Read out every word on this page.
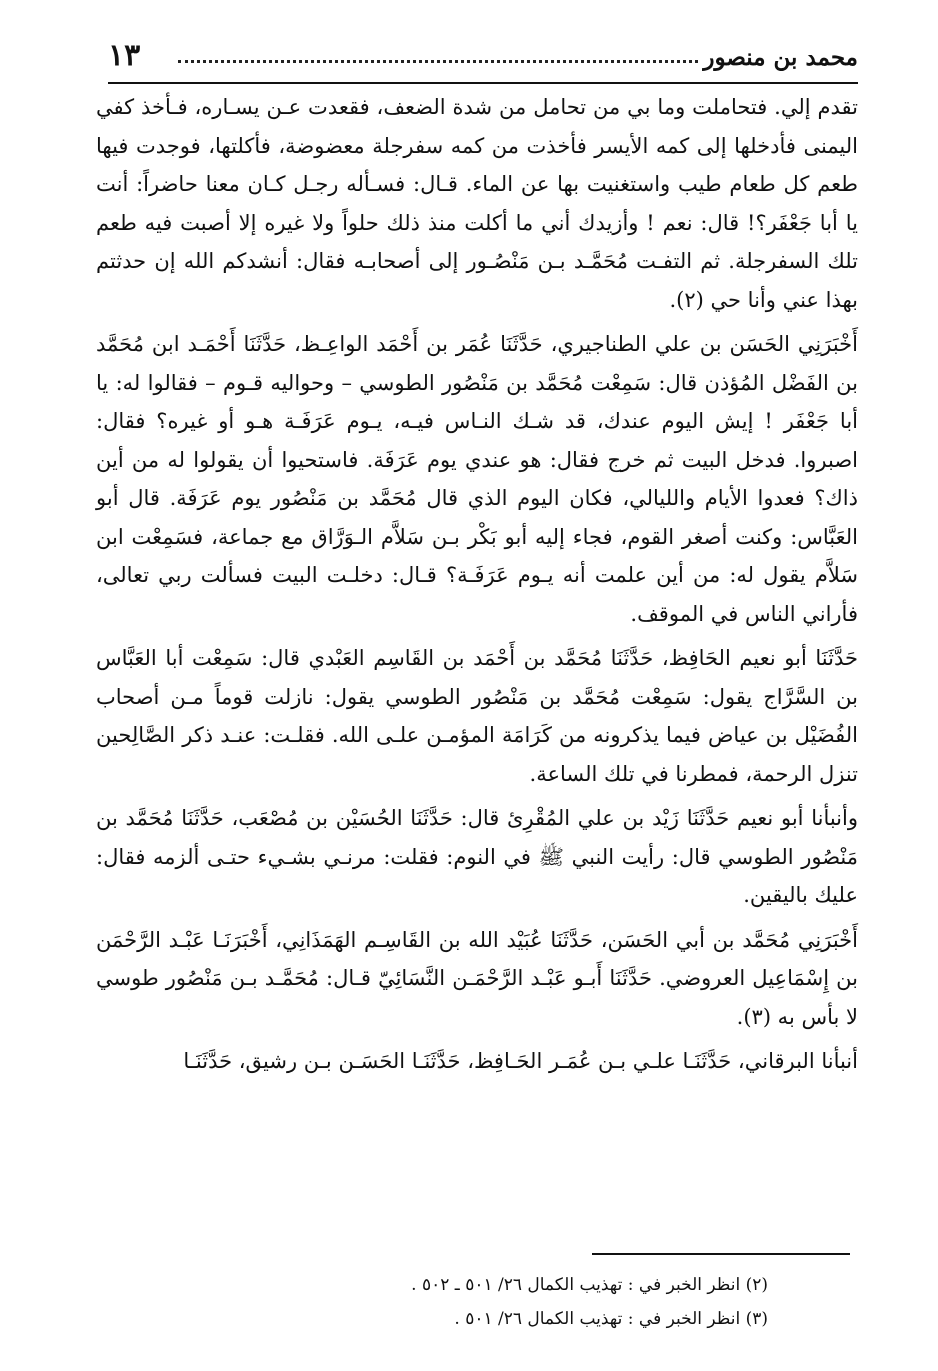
محمد بن منصور
١٣

تقدم إلي. فتحاملت وما بي من تحامل من شدة الضعف، فقعدت عـن يسـاره، فـأخذ كفي اليمنى فأدخلها إلى كمه الأيسر فأخذت من كمه سفرجلة معضوضة، فأكلتها، فوجدت فيها طعم كل طعام طيب واستغنيت بها عن الماء. قـال: فسـأله رجـل كـان معنا حاضراً: أنت يا أبا جَعْفَر؟! قال: نعم ! وأزيدك أني ما أكلت منذ ذلك حلواً ولا غيره إلا أصبت فيه طعم تلك السفرجلة. ثم التفـت مُحَمَّـد بـن مَنْصُـور إلى أصحابـه فقال: أنشدكم الله إن حدثتم بهذا عني وأنا حي (٢).

أَخْبَرَنِي الحَسَن بن علي الطناجيري، حَدَّثَنَا عُمَر بن أَحْمَد الواعِـظ، حَدَّثَنَا أَحْمَـد ابن مُحَمَّد بن الفَضْل المُؤذن قال: سَمِعْت مُحَمَّد بن مَنْصُور الطوسي – وحواليه قـوم – فقالوا له: يا أبا جَعْفَر ! إيش اليوم عندك، قد شـك النـاس فيـه، يـوم عَرَفَـة هـو أو غيره؟ فقال: اصبروا. فدخل البيت ثم خرج فقال: هو عندي يوم عَرَفَة. فاستحيوا أن يقولوا له من أين ذاك؟ فعدوا الأيام والليالي، فكان اليوم الذي قال مُحَمَّد بن مَنْصُور يوم عَرَفَة. قال أبو العَبَّاس: وكنت أصغر القوم، فجاء إليه أبو بَكْر بـن سَلاَّم الـوَرَّاق مع جماعة، فسَمِعْت ابن سَلاَّم يقول له: من أين علمت أنه يـوم عَرَفَـة؟ قـال: دخلـت البيت فسألت ربي تعالى، فأراني الناس في الموقف.

حَدَّثَنَا أبو نعيم الحَافِظ، حَدَّثَنَا مُحَمَّد بن أَحْمَد بن القَاسِم العَبْدي قال: سَمِعْت أبا العَبَّاس بن السَّرَّاج يقول: سَمِعْت مُحَمَّد بن مَنْصُور الطوسي يقول: نازلت قوماً مـن أصحاب الفُضَيْل بن عياض فيما يذكرونه من كَرَامَة المؤمـن علـى الله. فقلـت: عنـد ذكر الصَّالِحين تنزل الرحمة، فمطرنا في تلك الساعة.

وأنبأنا أبو نعيم حَدَّثَنَا زَيْد بن علي المُقْرِئ قال: حَدَّثَنَا الحُسَيْن بن مُصْعَب، حَدَّثَنَا مُحَمَّد بن مَنْصُور الطوسي قال: رأيت النبي ﷺ في النوم: فقلت: مرنـي بشـيء حتـى ألزمه فقال: عليك باليقين.

أَخْبَرَنِي مُحَمَّد بن أبي الحَسَن، حَدَّثَنَا عُبَيْد الله بن القَاسِـم الهَمَذَانِي، أَخْبَرَنَـا عَبْـد الرَّحْمَن بن إِسْمَاعِيل العروضي. حَدَّثَنَا أَبـو عَبْـد الرَّحْمَـن النَّسَائِيّ قـال: مُحَمَّـد بـن مَنْصُور طوسي لا بأس به (٣).

أنبأنا البرقاني، حَدَّثَنَـا علـي بـن عُمَـر الحَـافِظ، حَدَّثَنَـا الحَسَـن بـن رشيق، حَدَّثَنَـا

(٢) انظر الخبر في : تهذيب الكمال ٢٦/ ٥٠١ ـ ٥٠٢ .

(٣) انظر الخبر في : تهذيب الكمال ٢٦/ ٥٠١ .
